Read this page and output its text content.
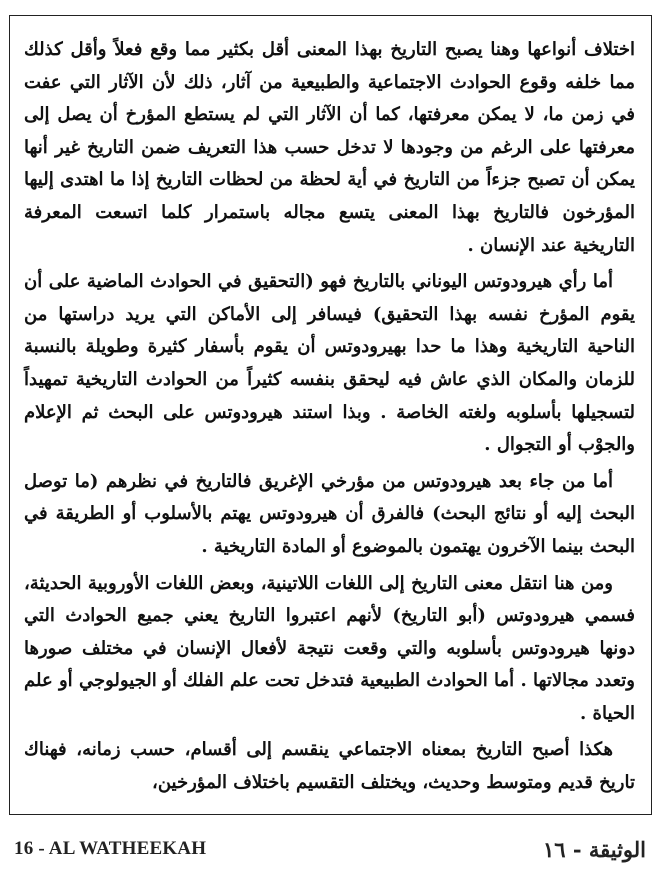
اختلاف أنواعها وهنا يصبح التاريخ بهذا المعنى أقل بكثير مما وقع فعلاً وأقل كذلك مما خلفه وقوع الحوادث الاجتماعية والطبيعية من آثار، ذلك لأن الآثار التي عفت في زمن ما، لا يمكن معرفتها، كما أن الآثار التي لم يستطع المؤرخ أن يصل إلى معرفتها على الرغم من وجودها لا تدخل حسب هذا التعريف ضمن التاريخ غير أنها يمكن أن تصبح جزءاً من التاريخ في أية لحظة من لحظات التاريخ إذا ما اهتدى إليها المؤرخون فالتاريخ بهذا المعنى يتسع مجاله باستمرار كلما اتسعت المعرفة التاريخية عند الإنسان .

أما رأي هيرودوتس اليوناني بالتاريخ فهو (التحقيق في الحوادث الماضية على أن يقوم المؤرخ نفسه بهذا التحقيق) فيسافر إلى الأماكن التي يريد دراستها من الناحية التاريخية وهذا ما حدا بهيرودوتس أن يقوم بأسفار كثيرة وطويلة بالنسبة للزمان والمكان الذي عاش فيه ليحقق بنفسه كثيراً من الحوادث التاريخية تمهيداً لتسجيلها بأسلوبه ولغته الخاصة . وبذا استند هيرودوتس على البحث ثم الإعلام والجوْب أو التجوال .

أما من جاء بعد هيرودوتس من مؤرخي الإغريق فالتاريخ في نظرهم (ما توصل البحث إليه أو نتائج البحث) فالفرق أن هيرودوتس يهتم بالأسلوب أو الطريقة في البحث بينما الآخرون يهتمون بالموضوع أو المادة التاريخية .

ومن هنا انتقل معنى التاريخ إلى اللغات اللاتينية، وبعض اللغات الأوروبية الحديثة، فسمي هيرودوتس (أبو التاريخ) لأنهم اعتبروا التاريخ يعني جميع الحوادث التي دونها هيرودوتس بأسلوبه والتي وقعت نتيجة لأفعال الإنسان في مختلف صورها وتعدد مجالاتها . أما الحوادث الطبيعية فتدخل تحت علم الفلك أو الجيولوجي أو علم الحياة .

هكذا أصبح التاريخ بمعناه الاجتماعي ينقسم إلى أقسام، حسب زمانه، فهناك تاريخ قديم ومتوسط وحديث، ويختلف التقسيم باختلاف المؤرخين،

16 - AL WATHEEKAH	الوثيقة - ١٦
